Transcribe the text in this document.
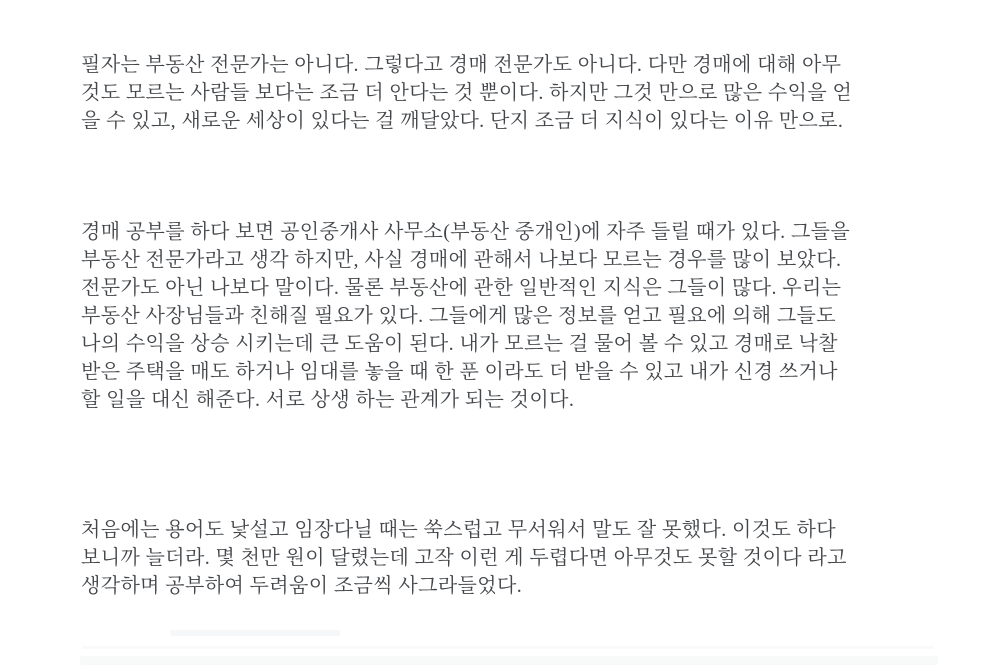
필자는 부동산 전문가는 아니다. 그렇다고 경매 전문가도 아니다. 다만 경매에 대해 아무
것도 모르는 사람들 보다는 조금 더 안다는 것 뿐이다. 하지만 그것 만으로 많은 수익을 얻
을 수 있고, 새로운 세상이 있다는 걸 깨달았다. 단지 조금 더 지식이 있다는 이유 만으로.

경매 공부를 하다 보면 공인중개사 사무소(부동산 중개인)에 자주 들릴 때가 있다. 그들을
부동산 전문가라고 생각 하지만, 사실 경매에 관해서 나보다 모르는 경우를 많이 보았다.
전문가도 아닌 나보다 말이다. 물론 부동산에 관한 일반적인 지식은 그들이 많다. 우리는
부동산 사장님들과 친해질 필요가 있다. 그들에게 많은 정보를 얻고 필요에 의해 그들도
나의 수익을 상승 시키는데 큰 도움이 된다. 내가 모르는 걸 물어 볼 수 있고 경매로 낙찰
받은 주택을 매도 하거나 임대를 놓을 때 한 푼 이라도 더 받을 수 있고 내가 신경 쓰거나
할 일을 대신 해준다. 서로 상생 하는 관계가 되는 것이다.

처음에는 용어도 낯설고 임장다닐 때는 쑥스럽고 무서워서 말도 잘 못했다. 이것도 하다
보니까 늘더라. 몇 천만 원이 달렸는데 고작 이런 게 두렵다면 아무것도 못할 것이다 라고
생각하며 공부하여 두려움이 조금씩 사그라들었다.
